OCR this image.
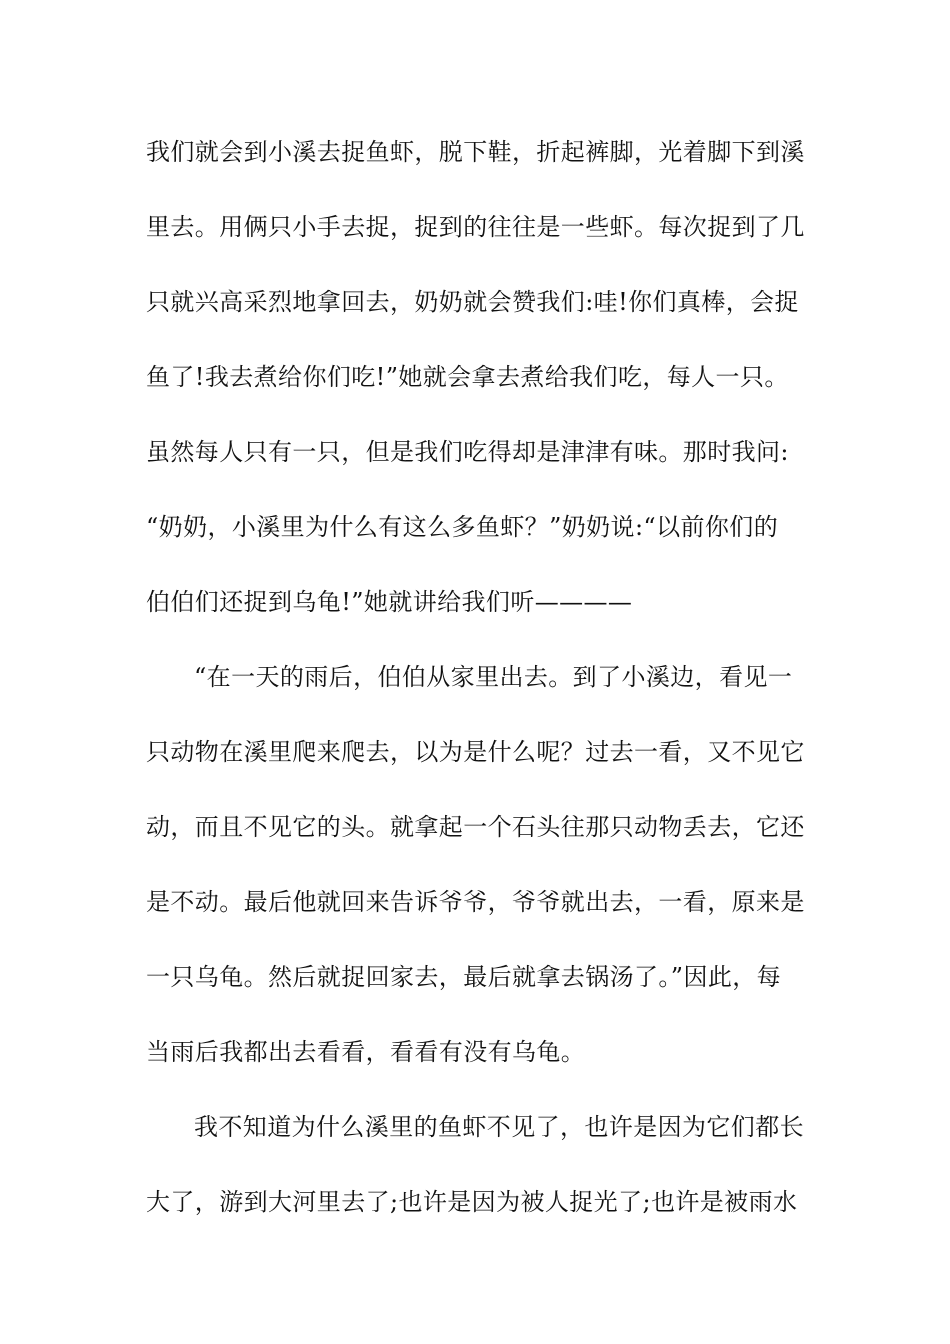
我们就会到小溪去捉鱼虾，脱下鞋，折起裤脚，光着脚下到溪
里去。用俩只小手去捉，捉到的往往是一些虾。每次捉到了几
只就兴高采烈地拿回去，奶奶就会赞我们:哇!你们真棒，会捉
鱼了!我去煮给你们吃!”她就会拿去煮给我们吃，每人一只。
虽然每人只有一只，但是我们吃得却是津津有味。那时我问:
“奶奶，小溪里为什么有这么多鱼虾？”奶奶说:“以前你们的
伯伯们还捉到乌龟!”她就讲给我们听————
“在一天的雨后，伯伯从家里出去。到了小溪边，看见一
只动物在溪里爬来爬去，以为是什么呢？过去一看，又不见它
动，而且不见它的头。就拿起一个石头往那只动物丢去，它还
是不动。最后他就回来告诉爷爷，爷爷就出去，一看，原来是
一只乌龟。然后就捉回家去，最后就拿去锅汤了。”因此，每
当雨后我都出去看看，看看有没有乌龟。
我不知道为什么溪里的鱼虾不见了，也许是因为它们都长
大了，游到大河里去了;也许是因为被人捉光了;也许是被雨水
